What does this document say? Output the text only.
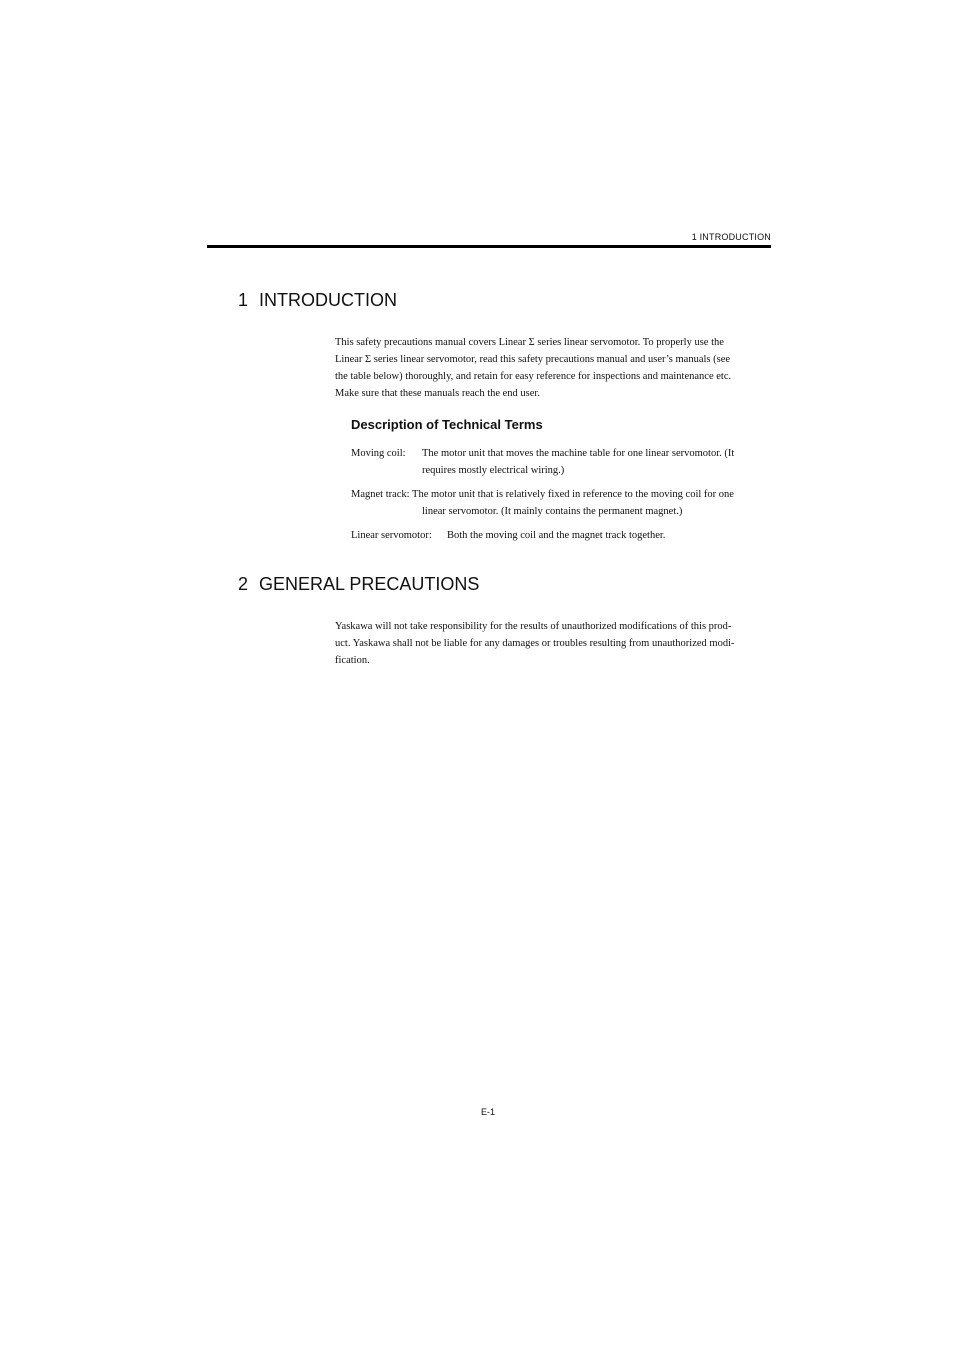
1 INTRODUCTION
1 INTRODUCTION

This safety precautions manual covers Linear Σ series linear servomotor. To properly use the
Linear Σ series linear servomotor, read this safety precautions manual and user’s manuals (see
the table below) thoroughly, and retain for easy reference for inspections and maintenance etc.
Make sure that these manuals reach the end user.

Description of Technical Terms
Moving coil: The motor unit that moves the machine table for one linear servomotor. (It
requires mostly electrical wiring.)
Magnet track: The motor unit that is relatively fixed in reference to the moving coil for one
linear servomotor. (It mainly contains the permanent magnet.)
Linear servomotor: Both the moving coil and the magnet track together.
2 GENERAL PRECAUTIONS

Yaskawa will not take responsibility for the results of unauthorized modifications of this prod-
uct. Yaskawa shall not be liable for any damages or troubles resulting from unauthorized modi-
fication.

E-1
